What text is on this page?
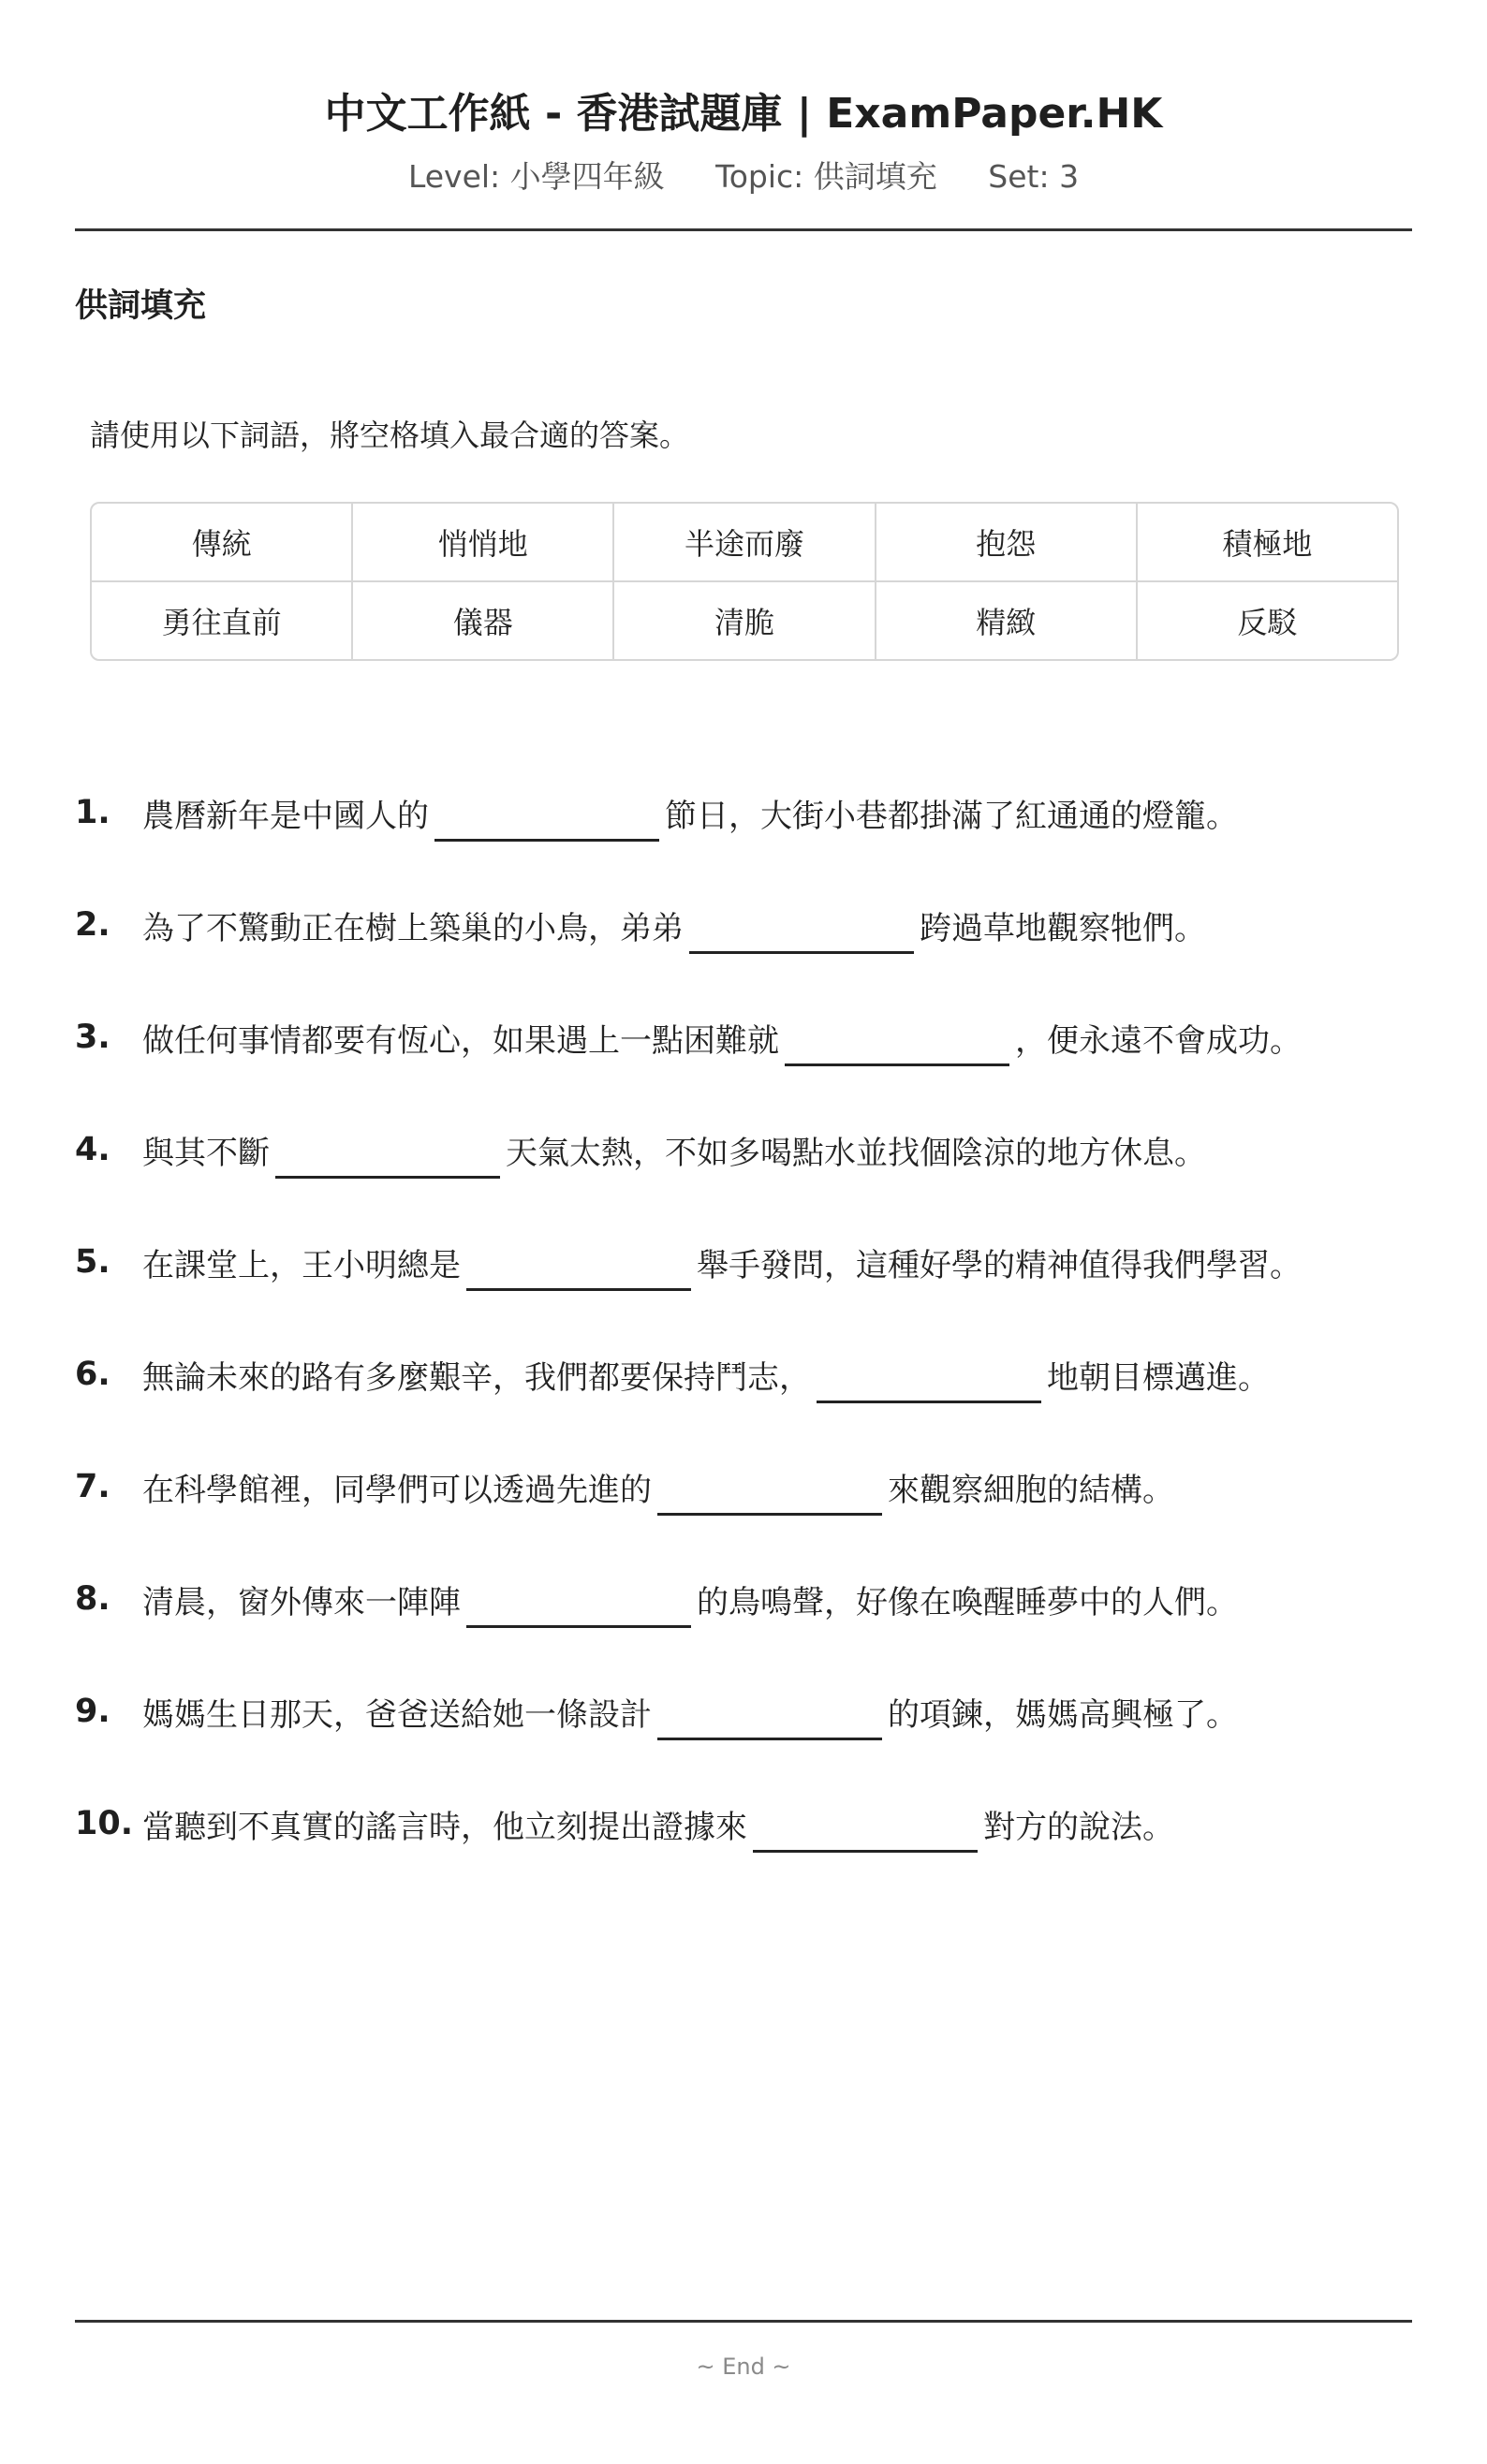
中文工作紙 - 香港試題庫 | ExamPaper.HK
Level: 小學四年級 Topic: 供詞填充 Set: 3
供詞填充

請使用以下詞語，將空格填入最合適的答案。

傳統	悄悄地	半途而廢	抱怨	積極地
勇往直前	儀器	清脆	精緻	反駁
1.	農曆新年是中國人的	節日，大街小巷都掛滿了紅通通的燈籠。
2.	為了不驚動正在樹上築巢的小鳥，弟弟	跨過草地觀察牠們。
3.	做任何事情都要有恆心，如果遇上一點困難就	，便永遠不會成功。
4.	與其不斷	天氣太熱，不如多喝點水並找個陰涼的地方休息。
5.	在課堂上，王小明總是	舉手發問，這種好學的精神值得我們學習。
6.	無論未來的路有多麼艱辛，我們都要保持鬥志，	地朝目標邁進。
7.	在科學館裡，同學們可以透過先進的	來觀察細胞的結構。
8.	清晨，窗外傳來一陣陣	的鳥鳴聲，好像在喚醒睡夢中的人們。
9.	媽媽生日那天，爸爸送給她一條設計	的項鍊，媽媽高興極了。
10. 當聽到不真實的謠言時，他立刻提出證據來	對方的說法。

~ End ~
